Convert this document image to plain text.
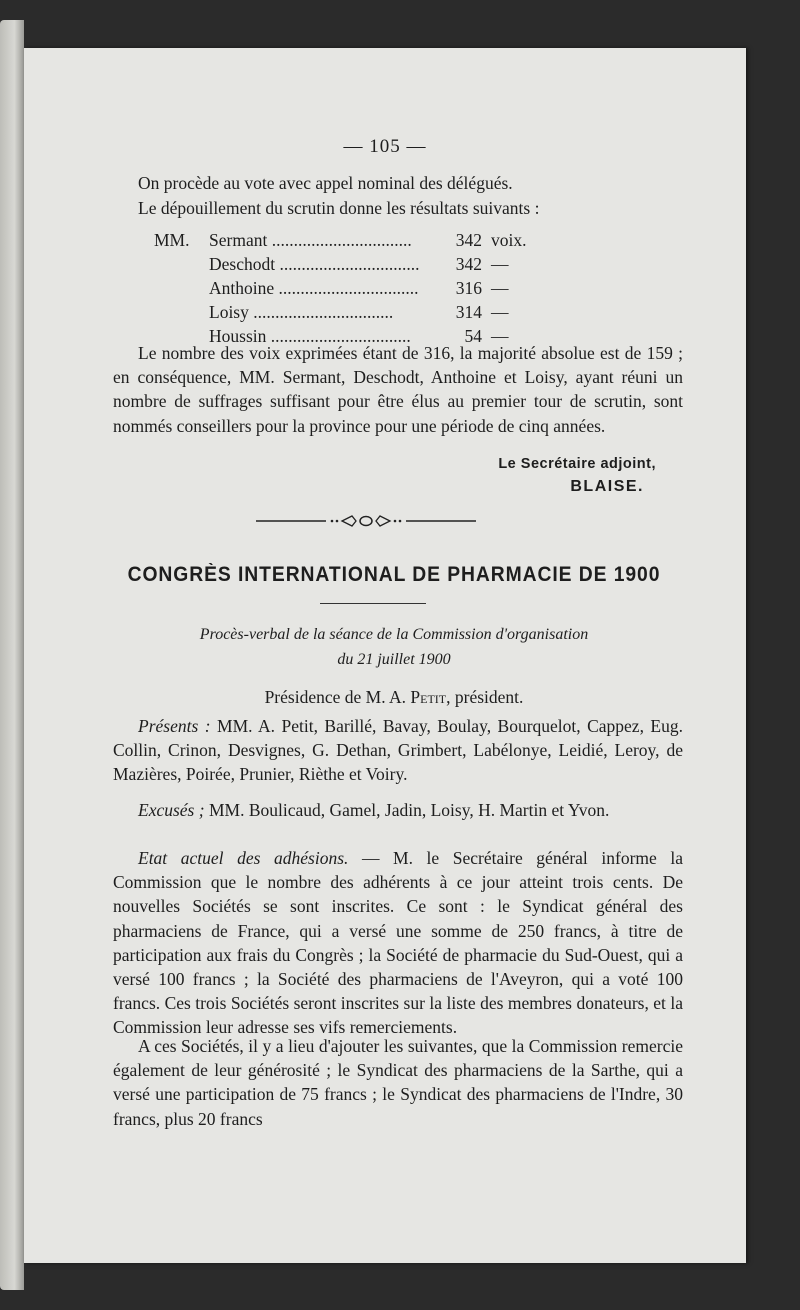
— 105 —
On procède au vote avec appel nominal des délégués.
Le dépouillement du scrutin donne les résultats suivants :
MM.	Sermant ................................	342 voix.
Deschodt ................................	342 —
Anthoine ................................	316 —
Loisy ................................	314 —
Houssin ................................	54 —
Le nombre des voix exprimées étant de 316, la majorité absolue est de 159 ; en conséquence, MM. Sermant, Deschodt, Anthoine et Loisy, ayant réuni un nombre de suffrages suffisant pour être élus au premier tour de scrutin, sont nommés conseillers pour la province pour une période de cinq années.
Le Secrétaire adjoint,
BLAISE.
CONGRÈS INTERNATIONAL DE PHARMACIE DE 1900
Procès-verbal de la séance de la Commission d'organisation
du 21 juillet 1900
Présidence de M. A. Petit, président.
Présents : MM. A. Petit, Barillé, Bavay, Boulay, Bourquelot, Cappez, Eug. Collin, Crinon, Desvignes, G. Dethan, Grimbert, Labélonye, Leidié, Leroy, de Mazières, Poirée, Prunier, Rièthe et Voiry.
Excusés ; MM. Boulicaud, Gamel, Jadin, Loisy, H. Martin et Yvon.
Etat actuel des adhésions. — M. le Secrétaire général informe la Commission que le nombre des adhérents à ce jour atteint trois cents. De nouvelles Sociétés se sont inscrites. Ce sont : le Syndicat général des pharmaciens de France, qui a versé une somme de 250 francs, à titre de participation aux frais du Congrès ; la Société de pharmacie du Sud-Ouest, qui a versé 100 francs ; la Société des pharmaciens de l'Aveyron, qui a voté 100 francs. Ces trois Sociétés seront inscrites sur la liste des membres donateurs, et la Commission leur adresse ses vifs remerciements.
A ces Sociétés, il y a lieu d'ajouter les suivantes, que la Commission remercie également de leur générosité ; le Syndicat des pharmaciens de la Sarthe, qui a versé une participation de 75 francs ; le Syndicat des pharmaciens de l'Indre, 30 francs, plus 20 francs
